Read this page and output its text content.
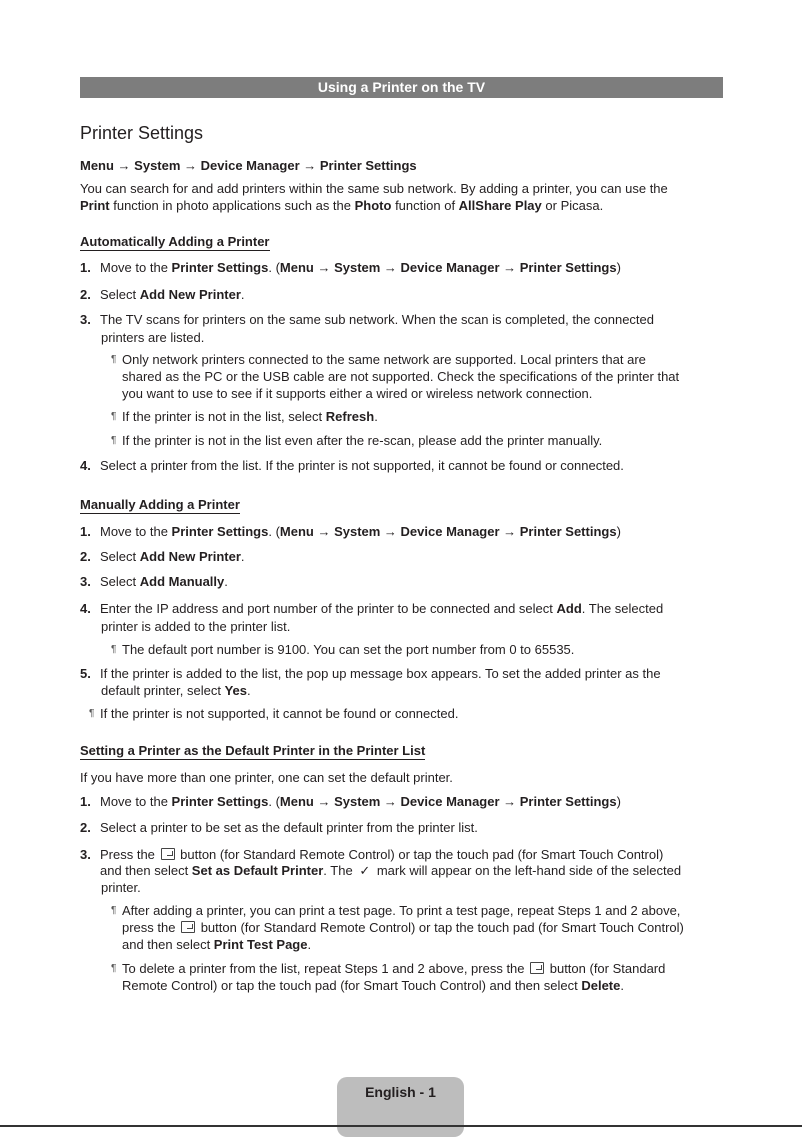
Using a Printer on the TV
Printer Settings
Menu → System → Device Manager → Printer Settings
You can search for and add printers within the same sub network. By adding a printer, you can use the
Print function in photo applications such as the Photo function of AllShare Play or Picasa.
Automatically Adding a Printer
1. Move to the Printer Settings. (Menu → System → Device Manager → Printer Settings)
2. Select Add New Printer.
3. The TV scans for printers on the same sub network. When the scan is completed, the connected
printers are listed.
¶ Only network printers connected to the same network are supported. Local printers that are
shared as the PC or the USB cable are not supported. Check the specifications of the printer that
you want to use to see if it supports either a wired or wireless network connection.
¶ If the printer is not in the list, select Refresh.
¶ If the printer is not in the list even after the re-scan, please add the printer manually.
4. Select a printer from the list. If the printer is not supported, it cannot be found or connected.
Manually Adding a Printer
1. Move to the Printer Settings. (Menu → System → Device Manager → Printer Settings)
2. Select Add New Printer.
3. Select Add Manually.
4. Enter the IP address and port number of the printer to be connected and select Add. The selected
printer is added to the printer list.
¶ The default port number is 9100. You can set the port number from 0 to 65535.
5. If the printer is added to the list, the pop up message box appears. To set the added printer as the
default printer, select Yes.
¶ If the printer is not supported, it cannot be found or connected.
Setting a Printer as the Default Printer in the Printer List
If you have more than one printer, one can set the default printer.
1. Move to the Printer Settings. (Menu → System → Device Manager → Printer Settings)
2. Select a printer to be set as the default printer from the printer list.
3. Press the  button (for Standard Remote Control) or tap the touch pad (for Smart Touch Control)
and then select Set as Default Printer. The ✓ mark will appear on the left-hand side of the selected
printer.
¶ After adding a printer, you can print a test page. To print a test page, repeat Steps 1 and 2 above,
press the  button (for Standard Remote Control) or tap the touch pad (for Smart Touch Control)
and then select Print Test Page.
¶ To delete a printer from the list, repeat Steps 1 and 2 above, press the  button (for Standard
Remote Control) or tap the touch pad (for Smart Touch Control) and then select Delete.
English - 1
